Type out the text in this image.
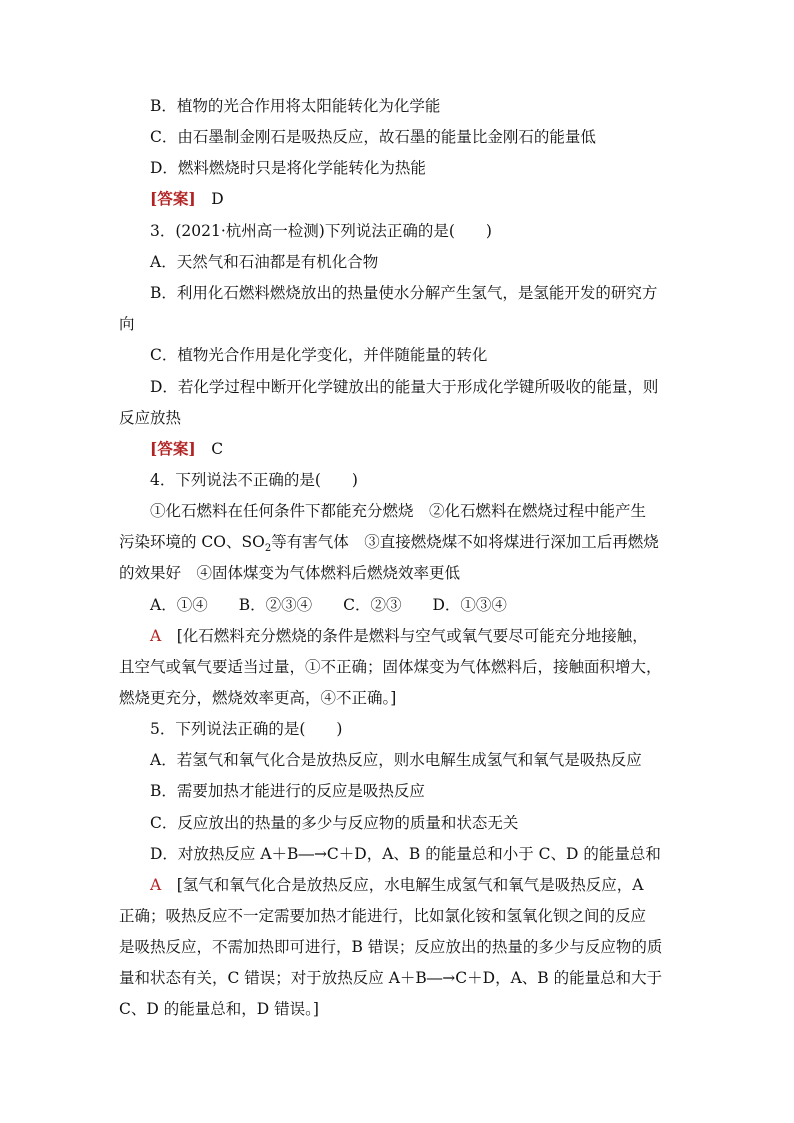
B．植物的光合作用将太阳能转化为化学能

C．由石墨制金刚石是吸热反应，故石墨的能量比金刚石的能量低

D．燃料燃烧时只是将化学能转化为热能

[答案]　 D

3．(2021·杭州高一检测)下列说法正确的是(　　)

A．天然气和石油都是有机化合物

B．利用化石燃料燃烧放出的热量使水分解产生氢气，是氢能开发的研究方

向

C．植物光合作用是化学变化，并伴随能量的转化

D．若化学过程中断开化学键放出的能量大于形成化学键所吸收的能量，则

反应放热

[答案]　 C

4．下列说法不正确的是(　　)

①化石燃料在任何条件下都能充分燃烧　②化石燃料在燃烧过程中能产生

污染环境的 CO、$SO_2$等有害气体　③直接燃烧煤不如将煤进行深加工后再燃烧

的效果好　④固体煤变为气体燃料后燃烧效率更低

A．①④　　B．②③④　　C．②③　　D．①③④

A　 [化石燃料充分燃烧的条件是燃料与空气或氧气要尽可能充分地接触，

且空气或氧气要适当过量，①不正确；固体煤变为气体燃料后，接触面积增大，

燃烧更充分，燃烧效率更高，④不正确。]

5．下列说法正确的是(　　)

A．若氢气和氧气化合是放热反应，则水电解生成氢气和氧气是吸热反应

B．需要加热才能进行的反应是吸热反应

C．反应放出的热量的多少与反应物的质量和状态无关

D．对放热反应 A＋B―→C＋D，A、B 的能量总和小于 C、D 的能量总和

A　 [氢气和氧气化合是放热反应，水电解生成氢气和氧气是吸热反应，A

正确；吸热反应不一定需要加热才能进行，比如氯化铵和氢氧化钡之间的反应

是吸热反应，不需加热即可进行，B 错误；反应放出的热量的多少与反应物的质

量和状态有关，C 错误；对于放热反应 A＋B―→C＋D，A、B 的能量总和大于

C、D 的能量总和，D 错误。]
